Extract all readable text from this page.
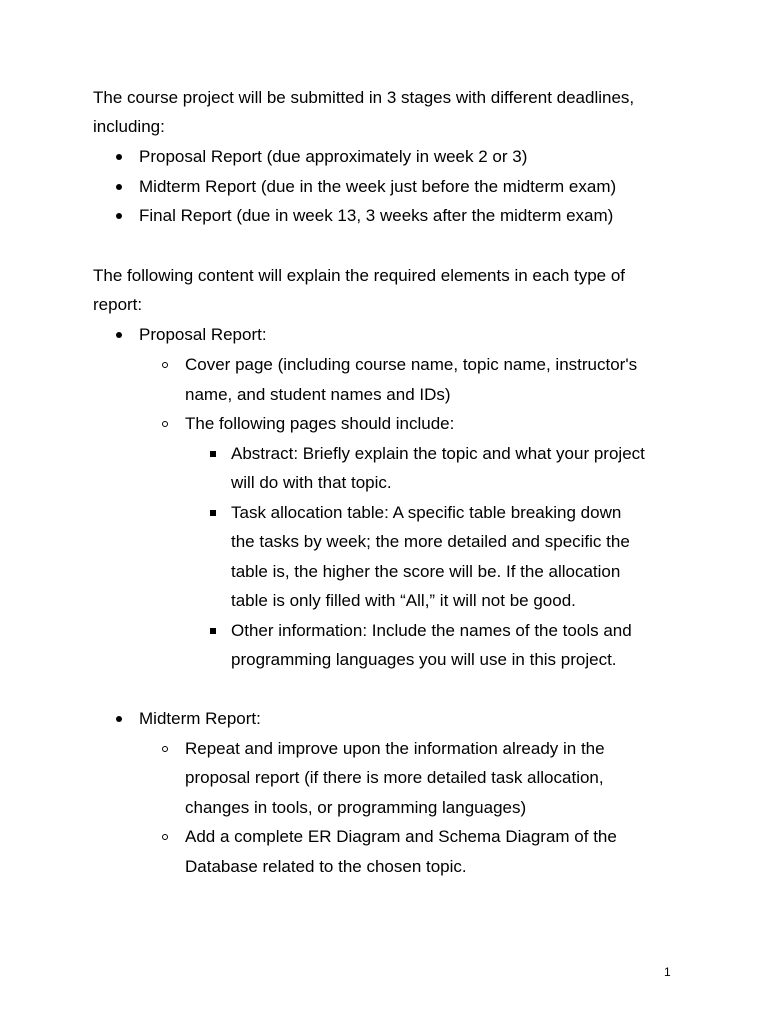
The course project will be submitted in 3 stages with different deadlines,
including:
Proposal Report (due approximately in week 2 or 3)
Midterm Report (due in the week just before the midterm exam)
Final Report (due in week 13, 3 weeks after the midterm exam)
The following content will explain the required elements in each type of
report:
Proposal Report:
Cover page (including course name, topic name, instructor's
name, and student names and IDs)
The following pages should include:
Abstract: Briefly explain the topic and what your project
will do with that topic.
Task allocation table: A specific table breaking down
the tasks by week; the more detailed and specific the
table is, the higher the score will be. If the allocation
table is only filled with “All,” it will not be good.
Other information: Include the names of the tools and
programming languages you will use in this project.
Midterm Report:
Repeat and improve upon the information already in the
proposal report (if there is more detailed task allocation,
changes in tools, or programming languages)
Add a complete ER Diagram and Schema Diagram of the
Database related to the chosen topic.
1
